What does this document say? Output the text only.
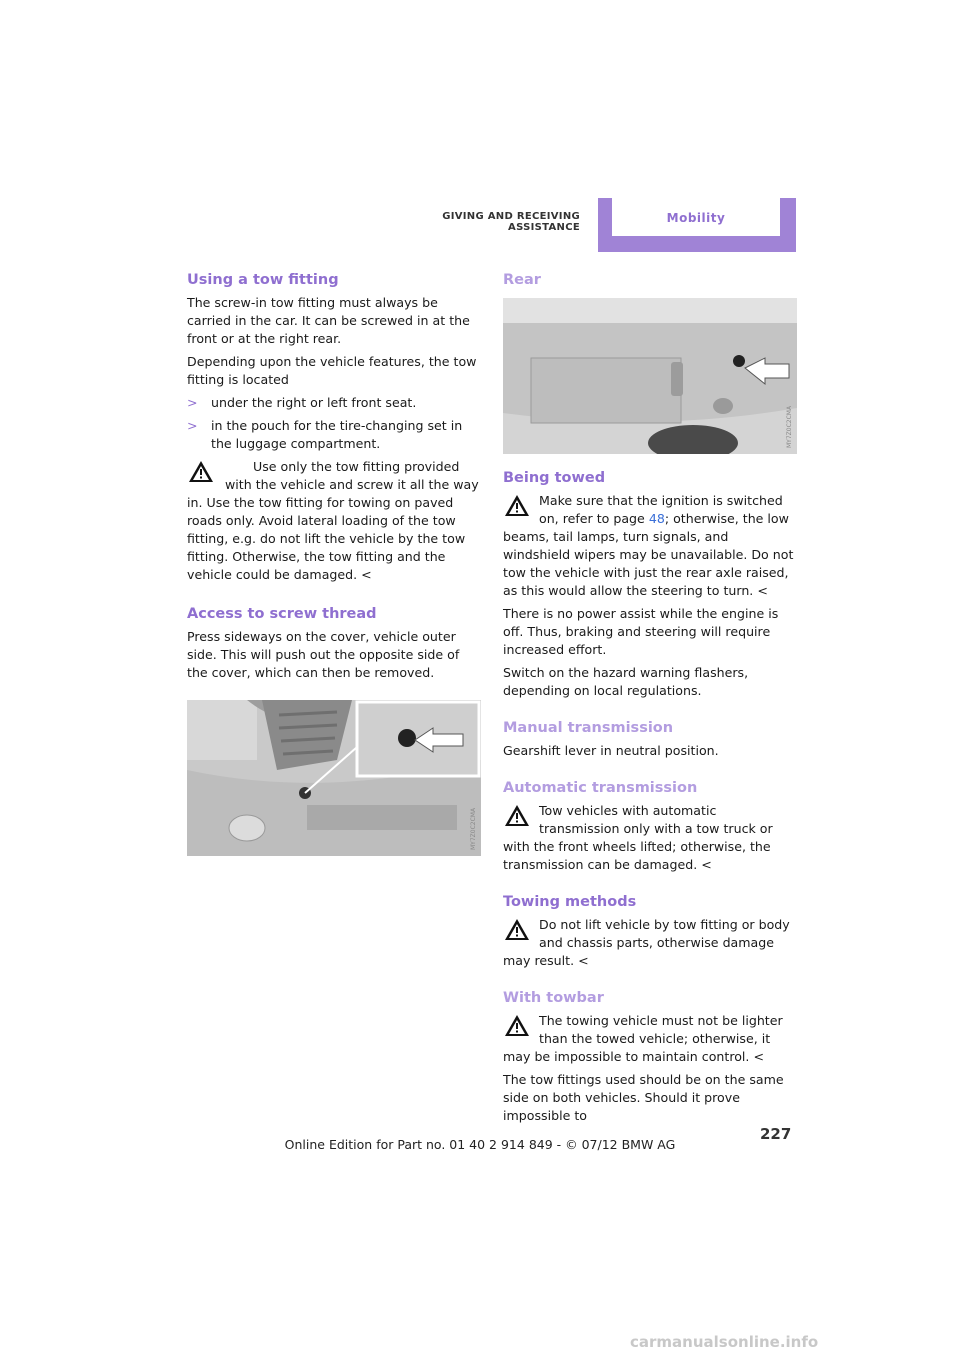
GIVING AND RECEIVING ASSISTANCE
Mobility
Using a tow fitting

The screw-in tow fitting must always be carried in the car. It can be screwed in at the front or at the right rear.

Depending upon the vehicle features, the tow fitting is located

>	under the right or left front seat.

>	in the pouch for the tire-changing set in the luggage compartment.

Use only the tow fitting provided with the vehicle and screw it all the way in. Use the tow fitting for towing on paved roads only. Avoid lateral loading of the tow fitting, e.g. do not lift the vehicle by the tow fitting. Otherwise, the tow fitting and the vehicle could be damaged. <

Access to screw thread

Press sideways on the cover, vehicle outer side. This will push out the opposite side of the cover, which can then be removed.

MY7Z0C2CMA
Rear
MY7Z0C2CMA
Being towed

Make sure that the ignition is switched on, refer to page 48; otherwise, the low beams, tail lamps, turn signals, and windshield wipers may be unavailable. Do not tow the vehicle with just the rear axle raised, as this would allow the steering to turn. <

There is no power assist while the engine is off. Thus, braking and steering will require increased effort.

Switch on the hazard warning flashers, depending on local regulations.

Manual transmission

Gearshift lever in neutral position.

Automatic transmission

Tow vehicles with automatic transmission only with a tow truck or with the front wheels lifted; otherwise, the transmission can be damaged. <

Towing methods

Do not lift vehicle by tow fitting or body and chassis parts, otherwise damage may result. <

With towbar

The towing vehicle must not be lighter than the towed vehicle; otherwise, it may be impossible to maintain control. <

The tow fittings used should be on the same side on both vehicles. Should it prove impossible to

227
Online Edition for Part no. 01 40 2 914 849 - © 07/12 BMW AG
carmanualsonline.info
